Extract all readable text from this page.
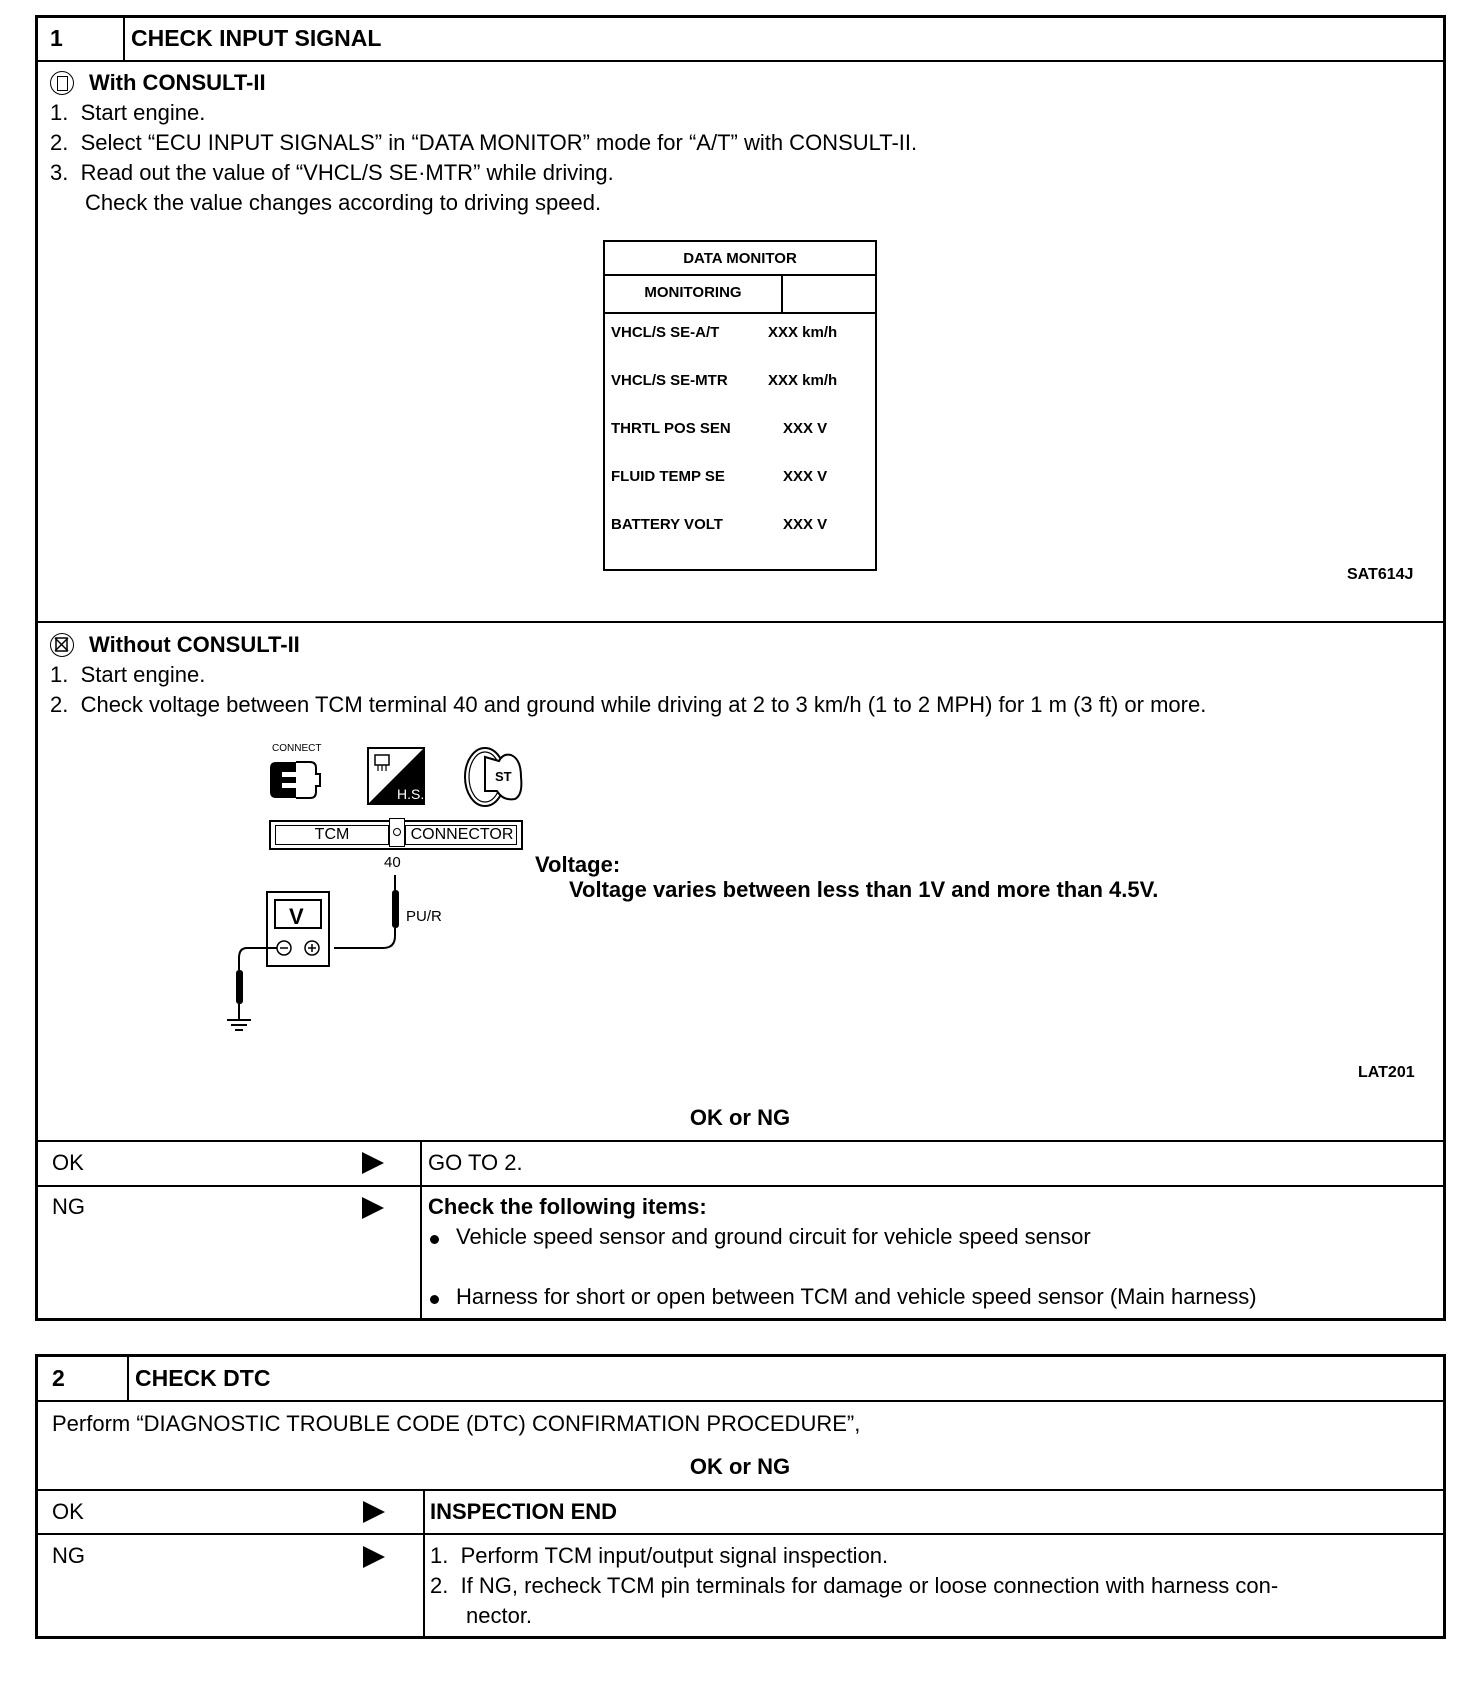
1	CHECK INPUT SIGNAL
With CONSULT-II
1.  Start engine.
2.  Select “ECU INPUT SIGNALS” in “DATA MONITOR” mode for “A/T” with CONSULT-II.
3.  Read out the value of “VHCL/S SE·MTR” while driving.
Check the value changes according to driving speed.
DATA MONITOR
MONITORING
VHCL/S SE-A/T	XXX km/h
VHCL/S SE-MTR	XXX km/h
THRTL POS SEN	XXX V
FLUID TEMP SE	XXX V
BATTERY VOLT	XXX V
SAT614J
Without CONSULT-II
1.  Start engine.
2.  Check voltage between TCM terminal 40 and ground while driving at 2 to 3 km/h (1 to 2 MPH) for 1 m (3 ft) or more.
CONNECT
H.S.
ST
TCM	CONNECTOR
40
V	PU/R
Voltage:
Voltage varies between less than 1V and more than 4.5V.
LAT201
OK or NG
OK	GO TO 2.
NG	Check the following items:
Vehicle speed sensor and ground circuit for vehicle speed sensor
Harness for short or open between TCM and vehicle speed sensor (Main harness)
2	CHECK DTC
Perform “DIAGNOSTIC TROUBLE CODE (DTC) CONFIRMATION PROCEDURE”,
OK or NG
OK	INSPECTION END
NG	1.  Perform TCM input/output signal inspection.
2.  If NG, recheck TCM pin terminals for damage or loose connection with harness con-
nector.
